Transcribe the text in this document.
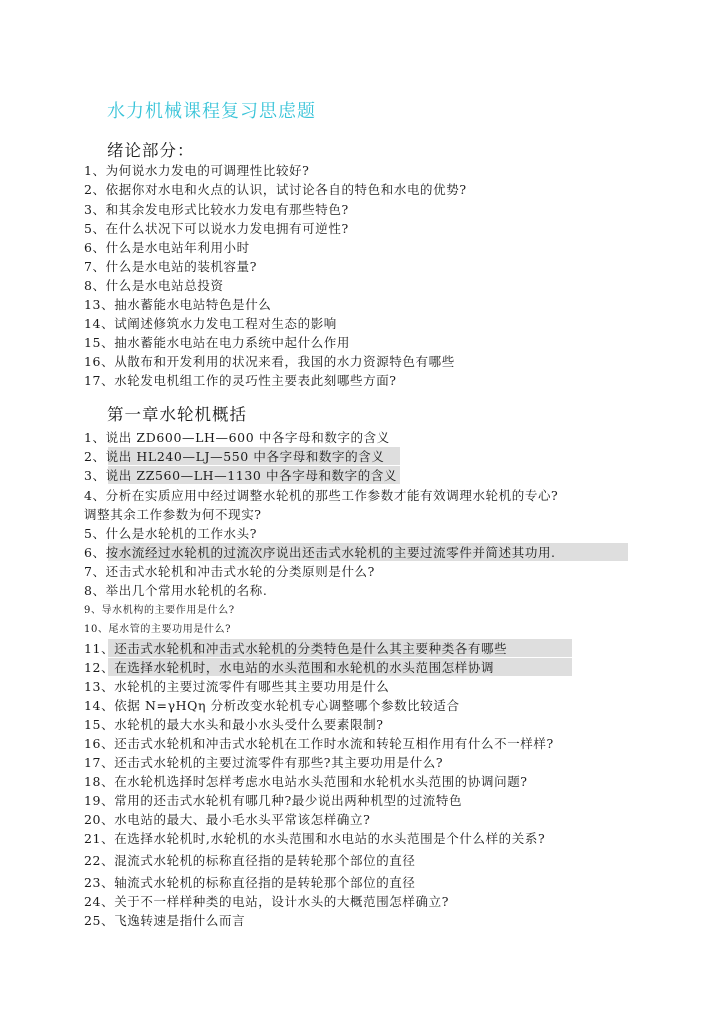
水力机械课程复习思虑题
绪论部分：
1、为何说水力发电的可调理性比较好?
2、依据你对水电和火点的认识，试讨论各自的特色和水电的优势?
3、和其余发电形式比较水力发电有那些特色?
5、在什么状况下可以说水力发电拥有可逆性?
6、什么是水电站年利用小时
7、什么是水电站的装机容量?
8、什么是水电站总投资
13、抽水蓄能水电站特色是什么
14、试阐述修筑水力发电工程对生态的影响
15、抽水蓄能水电站在电力系统中起什么作用
16、从散布和开发利用的状况来看，我国的水力资源特色有哪些
17、水轮发电机组工作的灵巧性主要表此刻哪些方面?
第一章水轮机概括
1、说出 ZD600—LH—600 中各字母和数字的含义
2、说出 HL240—LJ—550 中各字母和数字的含义
3、说出 ZZ560—LH—1130 中各字母和数字的含义
4、分析在实质应用中经过调整水轮机的那些工作参数才能有效调理水轮机的专心?
调整其余工作参数为何不现实?
5、什么是水轮机的工作水头?
6、按水流经过水轮机的过流次序说出还击式水轮机的主要过流零件并简述其功用.
7、还击式水轮机和冲击式水轮的分类原则是什么?
8、举出几个常用水轮机的名称.
9、导水机构的主要作用是什么?
10、尾水管的主要功用是什么?
11、还击式水轮机和冲击式水轮机的分类特色是什么其主要种类各有哪些
12、在选择水轮机时，水电站的水头范围和水轮机的水头范围怎样协调
13、水轮机的主要过流零件有哪些其主要功用是什么
14、依据 N=γHQη 分析改变水轮机专心调整哪个参数比较适合
15、水轮机的最大水头和最小水头受什么要素限制?
16、还击式水轮机和冲击式水轮机在工作时水流和转轮互相作用有什么不一样样?
17、还击式水轮机的主要过流零件有那些?其主要功用是什么?
18、在水轮机选择时怎样考虑水电站水头范围和水轮机水头范围的协调问题?
19、常用的还击式水轮机有哪几种?最少说出两种机型的过流特色
20、水电站的最大、最小毛水头平常该怎样确立?
21、在选择水轮机时,水轮机的水头范围和水电站的水头范围是个什么样的关系?
22、混流式水轮机的标称直径指的是转轮那个部位的直径
23、轴流式水轮机的标称直径指的是转轮那个部位的直径
24、关于不一样样种类的电站，设计水头的大概范围怎样确立?
25、飞逸转速是指什么而言
